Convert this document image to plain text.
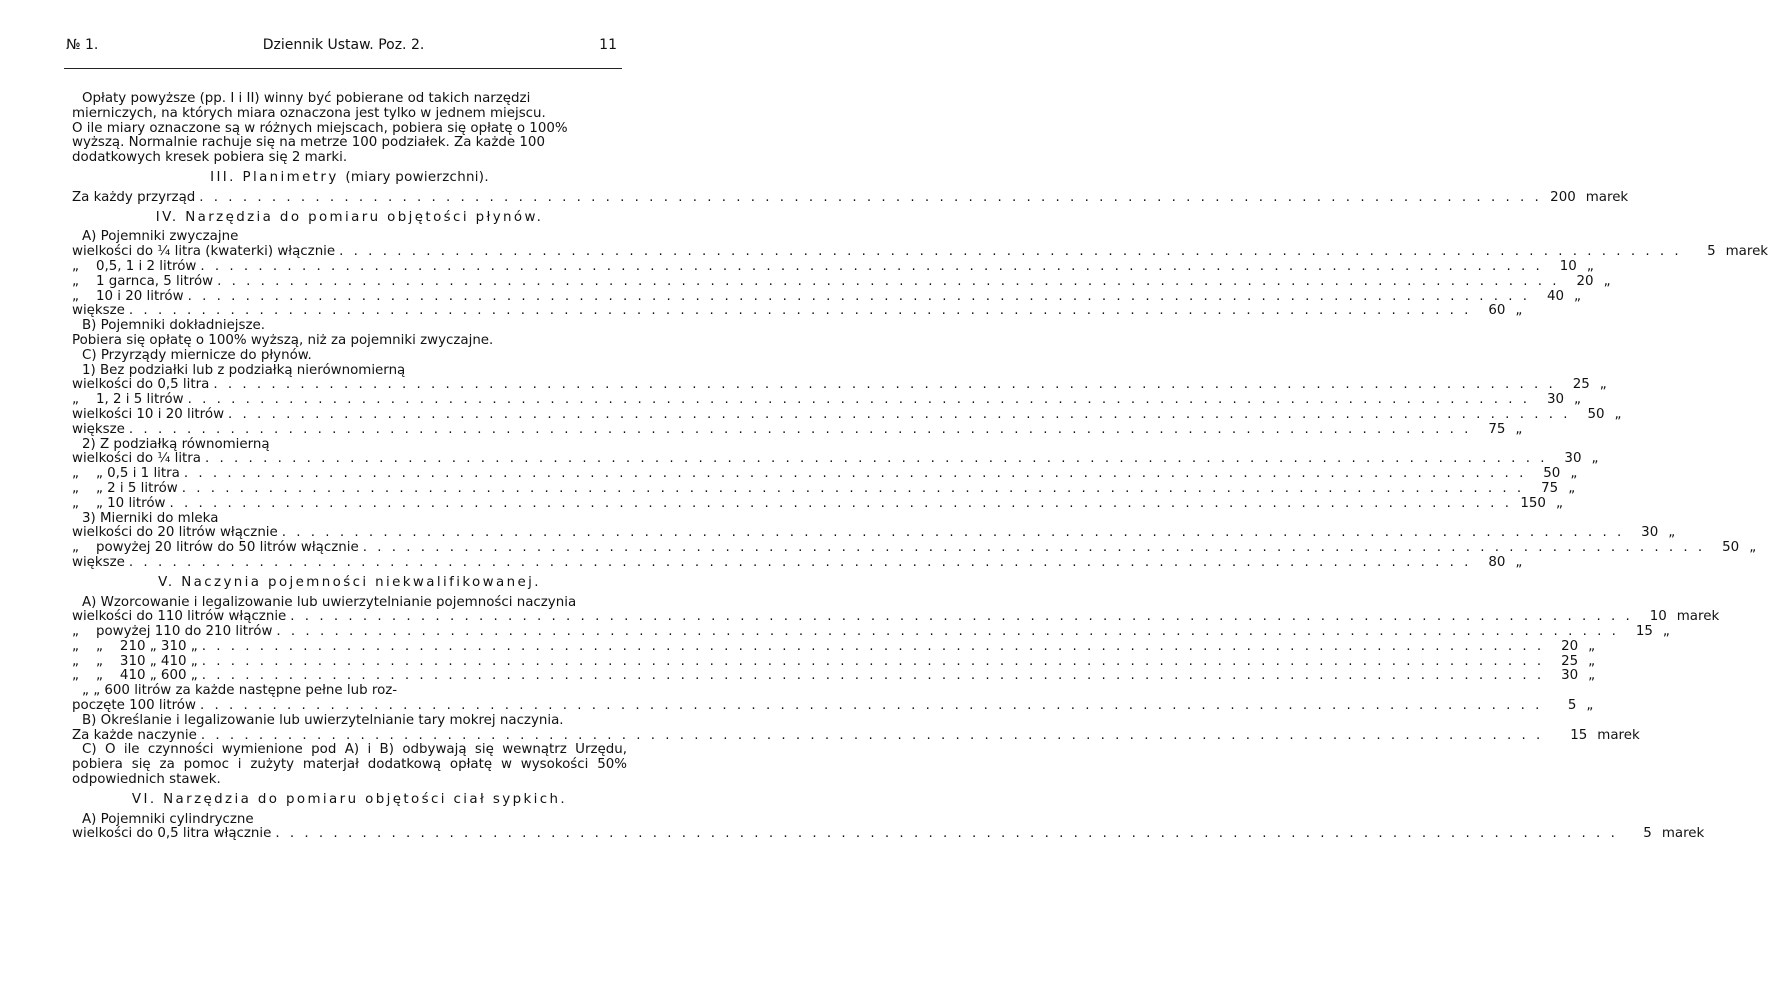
№ 1.	Dziennik Ustaw. Poz. 2.	11
Opłaty powyższe (pp. I i II) winny być pobierane od takich narzędzi
mierniczych, na których miara oznaczona jest tylko w jednem miejscu.
O ile miary oznaczone są w różnych miejscach, pobiera się opłatę o 100%
wyższą. Normalnie rachuje się na metrze 100 podziałek. Za każde 100
dodatkowych kresek pobiera się 2 marki.
III. Planimetry (miary powierzchni).
Za każdy przyrząd . . .	200 marek
IV. Narzędzia do pomiaru objętości płynów.
A) Pojemniki zwyczajne
wielkości do ¼ litra (kwaterki) włącznie . . .	5 marek
„    0,5, 1 i 2 litrów . . .	10 „
„    1 garnca, 5 litrów . . .	20 „
„    10 i 20 litrów . . .	40 „
większe . . .	60 „
B) Pojemniki dokładniejsze.
Pobiera się opłatę o 100% wyższą, niż za pojemniki zwyczajne.
C) Przyrządy miernicze do płynów.
1) Bez podziałki lub z podziałką nierównomierną
wielkości do 0,5 litra . . .	25 „
„    1, 2 i 5 litrów . . .	30 „
wielkości 10 i 20 litrów . . .	50 „
większe . . .	75 „
2) Z podziałką równomierną
wielkości do ¼ litra . . .	30 „
„    „ 0,5 i 1 litra . . .	50 „
„    „ 2 i 5 litrów . . .	75 „
„    „ 10 litrów . . .	150 „
3) Mierniki do mleka
wielkości do 20 litrów włącznie . . .	30 „
„    powyżej 20 litrów do 50 litrów włącznie . . .	50 „
większe . . .	80 „
V. Naczynia pojemności niekwalifikowanej.
A) Wzorcowanie i legalizowanie lub uwierzytelnianie pojemności naczynia
wielkości do 110 litrów włącznie . . .	10 marek
„    powyżej 110 do 210 litrów . . .	15 „
„    „    210 „ 310 „ . . .	20 „
„    „    310 „ 410 „ . . .	25 „
„    „    410 „ 600 „ . . .	30 „
„ „ 600 litrów za każde następne pełne lub roz-
poczęte 100 litrów . . .	5 „
B) Określanie i legalizowanie lub uwierzytelnianie tary mokrej naczynia.
Za każde naczynie . . .	15 marek
C) O ile czynności wymienione pod A) i B) odbywają się wewnątrz Urzędu, pobiera się za pomoc i zużyty materjał dodatkową opłatę w wysokości 50% odpowiednich stawek.
VI. Narzędzia do pomiaru objętości ciał sypkich.
A) Pojemniki cylindryczne
wielkości do 0,5 litra włącznie . . .	5 marek
